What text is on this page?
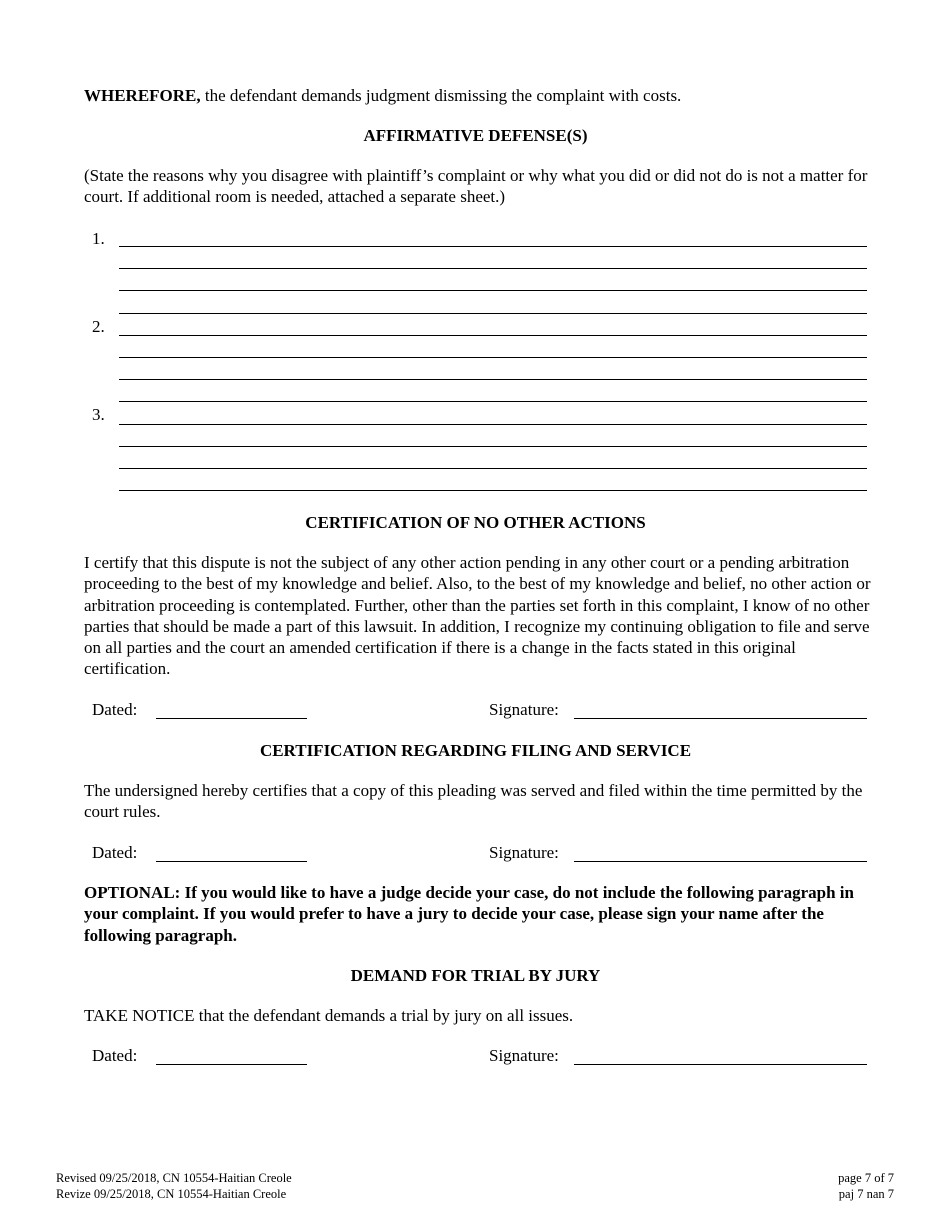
WHEREFORE, the defendant demands judgment dismissing the complaint with costs.
AFFIRMATIVE DEFENSE(S)
(State the reasons why you disagree with plaintiff’s complaint or why what you did or did not do is not a matter for court. If additional room is needed, attached a separate sheet.)
1.
2.
3.
CERTIFICATION OF NO OTHER ACTIONS
I certify that this dispute is not the subject of any other action pending in any other court or a pending arbitration proceeding to the best of my knowledge and belief. Also, to the best of my knowledge and belief, no other action or arbitration proceeding is contemplated. Further, other than the parties set forth in this complaint, I know of no other parties that should be made a part of this lawsuit. In addition, I recognize my continuing obligation to file and serve on all parties and the court an amended certification if there is a change in the facts stated in this original certification.
Dated:	Signature:
CERTIFICATION REGARDING FILING AND SERVICE
The undersigned hereby certifies that a copy of this pleading was served and filed within the time permitted by the court rules.
Dated:	Signature:
OPTIONAL: If you would like to have a judge decide your case, do not include the following paragraph in your complaint. If you would prefer to have a jury to decide your case, please sign your name after the following paragraph.
DEMAND FOR TRIAL BY JURY
TAKE NOTICE that the defendant demands a trial by jury on all issues.
Dated:	Signature:
Revised 09/25/2018, CN 10554-Haitian Creole
Revize 09/25/2018, CN 10554-Haitian Creole
page 7 of 7
paj 7 nan 7
